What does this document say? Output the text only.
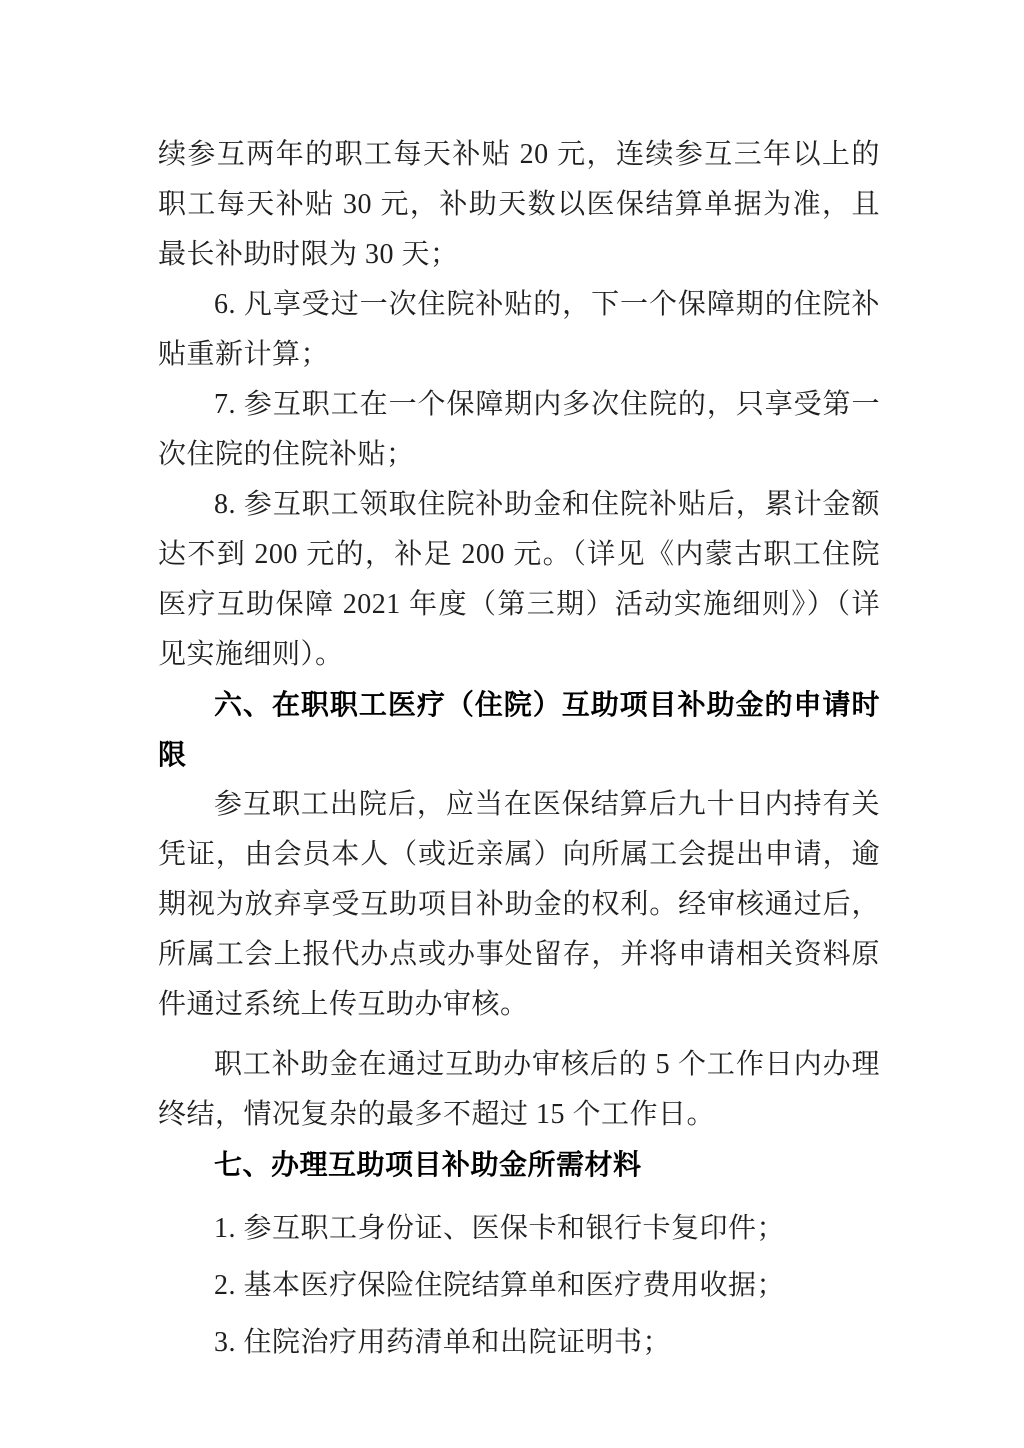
续参互两年的职工每天补贴 20 元，连续参互三年以上的职工每天补贴 30 元，补助天数以医保结算单据为准，且最长补助时限为 30 天；

6. 凡享受过一次住院补贴的，下一个保障期的住院补贴重新计算；

7. 参互职工在一个保障期内多次住院的，只享受第一次住院的住院补贴；

8. 参互职工领取住院补助金和住院补贴后，累计金额达不到 200 元的，补足 200 元。（详见《内蒙古职工住院医疗互助保障 2021 年度（第三期）活动实施细则》）（详见实施细则）。

六、在职职工医疗（住院）互助项目补助金的申请时限

参互职工出院后，应当在医保结算后九十日内持有关凭证，由会员本人（或近亲属）向所属工会提出申请，逾期视为放弃享受互助项目补助金的权利。经审核通过后，所属工会上报代办点或办事处留存，并将申请相关资料原件通过系统上传互助办审核。

职工补助金在通过互助办审核后的 5 个工作日内办理终结，情况复杂的最多不超过 15 个工作日。

七、办理互助项目补助金所需材料

1. 参互职工身份证、医保卡和银行卡复印件；

2. 基本医疗保险住院结算单和医疗费用收据；

3. 住院治疗用药清单和出院证明书；
